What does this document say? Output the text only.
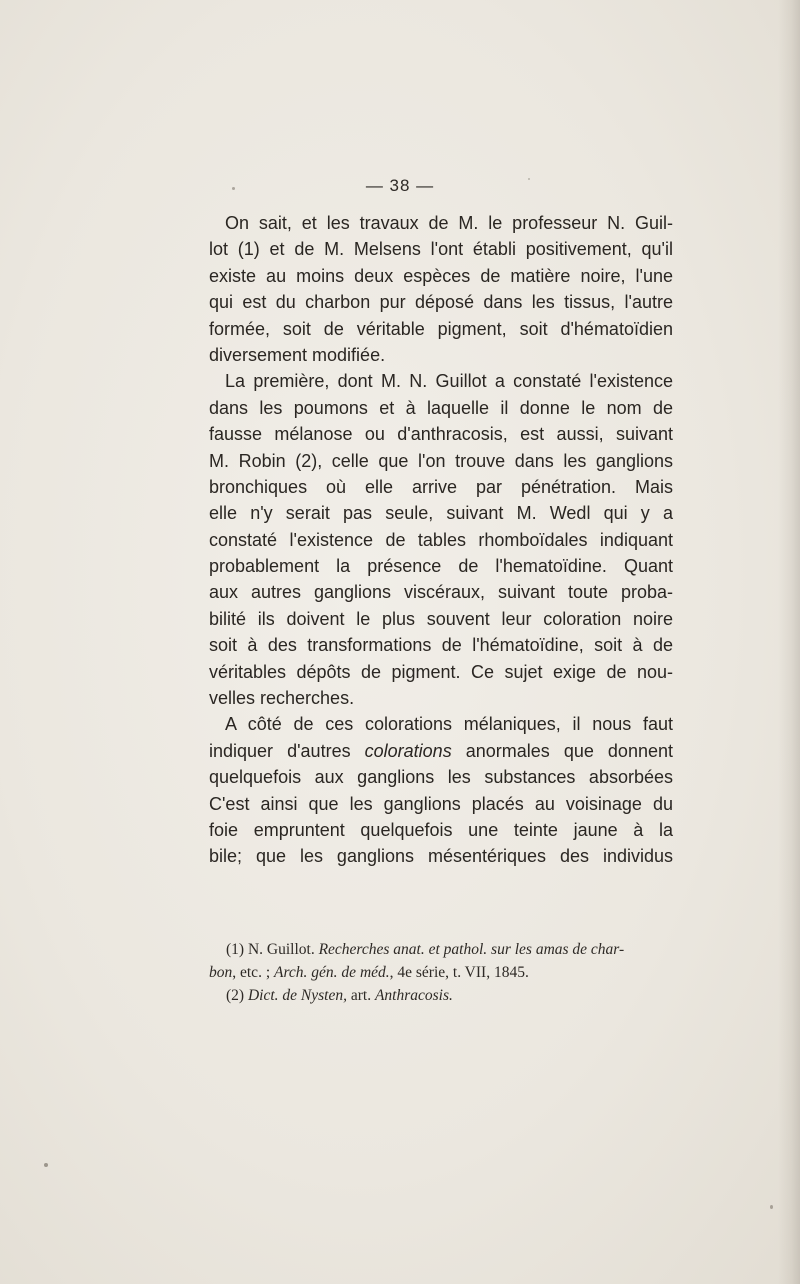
— 38 —
On sait, et les travaux de M. le professeur N. Guil-
lot (1) et de M. Melsens l'ont établi positivement, qu'il
existe au moins deux espèces de matière noire, l'une
qui est du charbon pur déposé dans les tissus, l'autre
formée, soit de véritable pigment, soit d'hématoïdien
diversement modifiée.
La première, dont M. N. Guillot a constaté l'existence
dans les poumons et à laquelle il donne le nom de
fausse mélanose ou d'anthracosis, est aussi, suivant
M. Robin (2), celle que l'on trouve dans les ganglions
bronchiques où elle arrive par pénétration. Mais
elle n'y serait pas seule, suivant M. Wedl qui y a
constaté l'existence de tables rhomboïdales indiquant
probablement la présence de l'hematoïdine. Quant
aux autres ganglions viscéraux, suivant toute proba-
bilité ils doivent le plus souvent leur coloration noire
soit à des transformations de l'hématoïdine, soit à de
véritables dépôts de pigment. Ce sujet exige de nou-
velles recherches.
A côté de ces colorations mélaniques, il nous faut
indiquer d'autres colorations anormales que donnent
quelquefois aux ganglions les substances absorbées
C'est ainsi que les ganglions placés au voisinage du
foie empruntent quelquefois une teinte jaune à la
bile; que les ganglions mésentériques des individus
(1) N. Guillot. Recherches anat. et pathol. sur les amas de char-
bon, etc. ; Arch. gén. de méd., 4e série, t. VII, 1845.
(2) Dict. de Nysten, art. Anthracosis.
